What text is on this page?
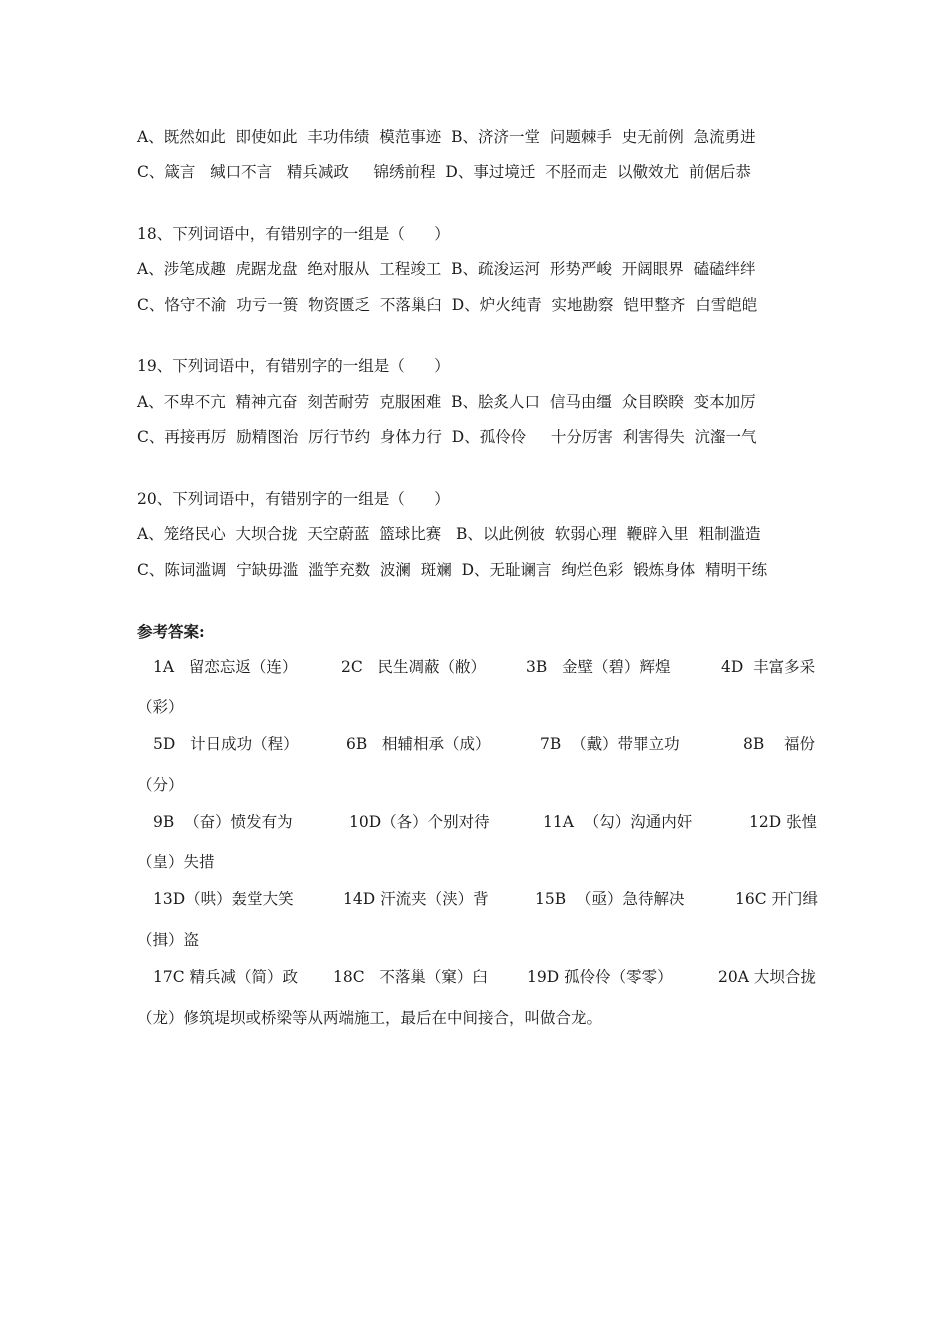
A、既然如此  即使如此  丰功伟绩  模范事迹  B、济济一堂  问题棘手  史无前例  急流勇进
C、箴言   缄口不言   精兵减政     锦绣前程  D、事过境迁  不胫而走  以儆效尤  前倨后恭
18、下列词语中，有错别字的一组是（      ）
A、涉笔成趣  虎踞龙盘  绝对服从  工程竣工  B、疏浚运河  形势严峻  开阔眼界  磕磕绊绊
C、恪守不渝  功亏一篑  物资匮乏  不落巢臼  D、炉火纯青  实地勘察  铠甲整齐  白雪皑皑
19、下列词语中，有错别字的一组是（      ）
A、不卑不亢  精神亢奋  刻苦耐劳  克服困难  B、脍炙人口  信马由缰  众目睽睽  变本加厉
C、再接再厉  励精图治  厉行节约  身体力行  D、孤伶伶     十分厉害  利害得失  沆瀣一气
20、下列词语中，有错别字的一组是（      ）
A、笼络民心  大坝合拢  天空蔚蓝  篮球比赛   B、以此例彼  软弱心理  鞭辟入里  粗制滥造
C、陈词滥调  宁缺毋滥  滥竽充数  波澜  斑斓  D、无耻谰言  绚烂色彩  锻炼身体  精明干练
参考答案:
1A   留恋忘返（连）	2C   民生凋蔽（敝）	3B   金壁（碧）辉煌	4D  丰富多采
（彩）
5D   计日成功（程）	6B   相辅相承（成）	7B  （戴）带罪立功	8B    福份
（分）
9B  （奋）愤发有为	10D（各）个别对待	11A  （勾）沟通内奸	12D 张惶
（皇）失措
13D（哄）轰堂大笑	14D 汗流夹（浃）背	15B  （亟）急待解决	16C 开门缉
（揖）盗
17C 精兵减（简）政 18C   不落巢（窠）臼	19D 孤伶伶（零零）	20A 大坝合拢
（龙）修筑堤坝或桥梁等从两端施工，最后在中间接合，叫做合龙。
